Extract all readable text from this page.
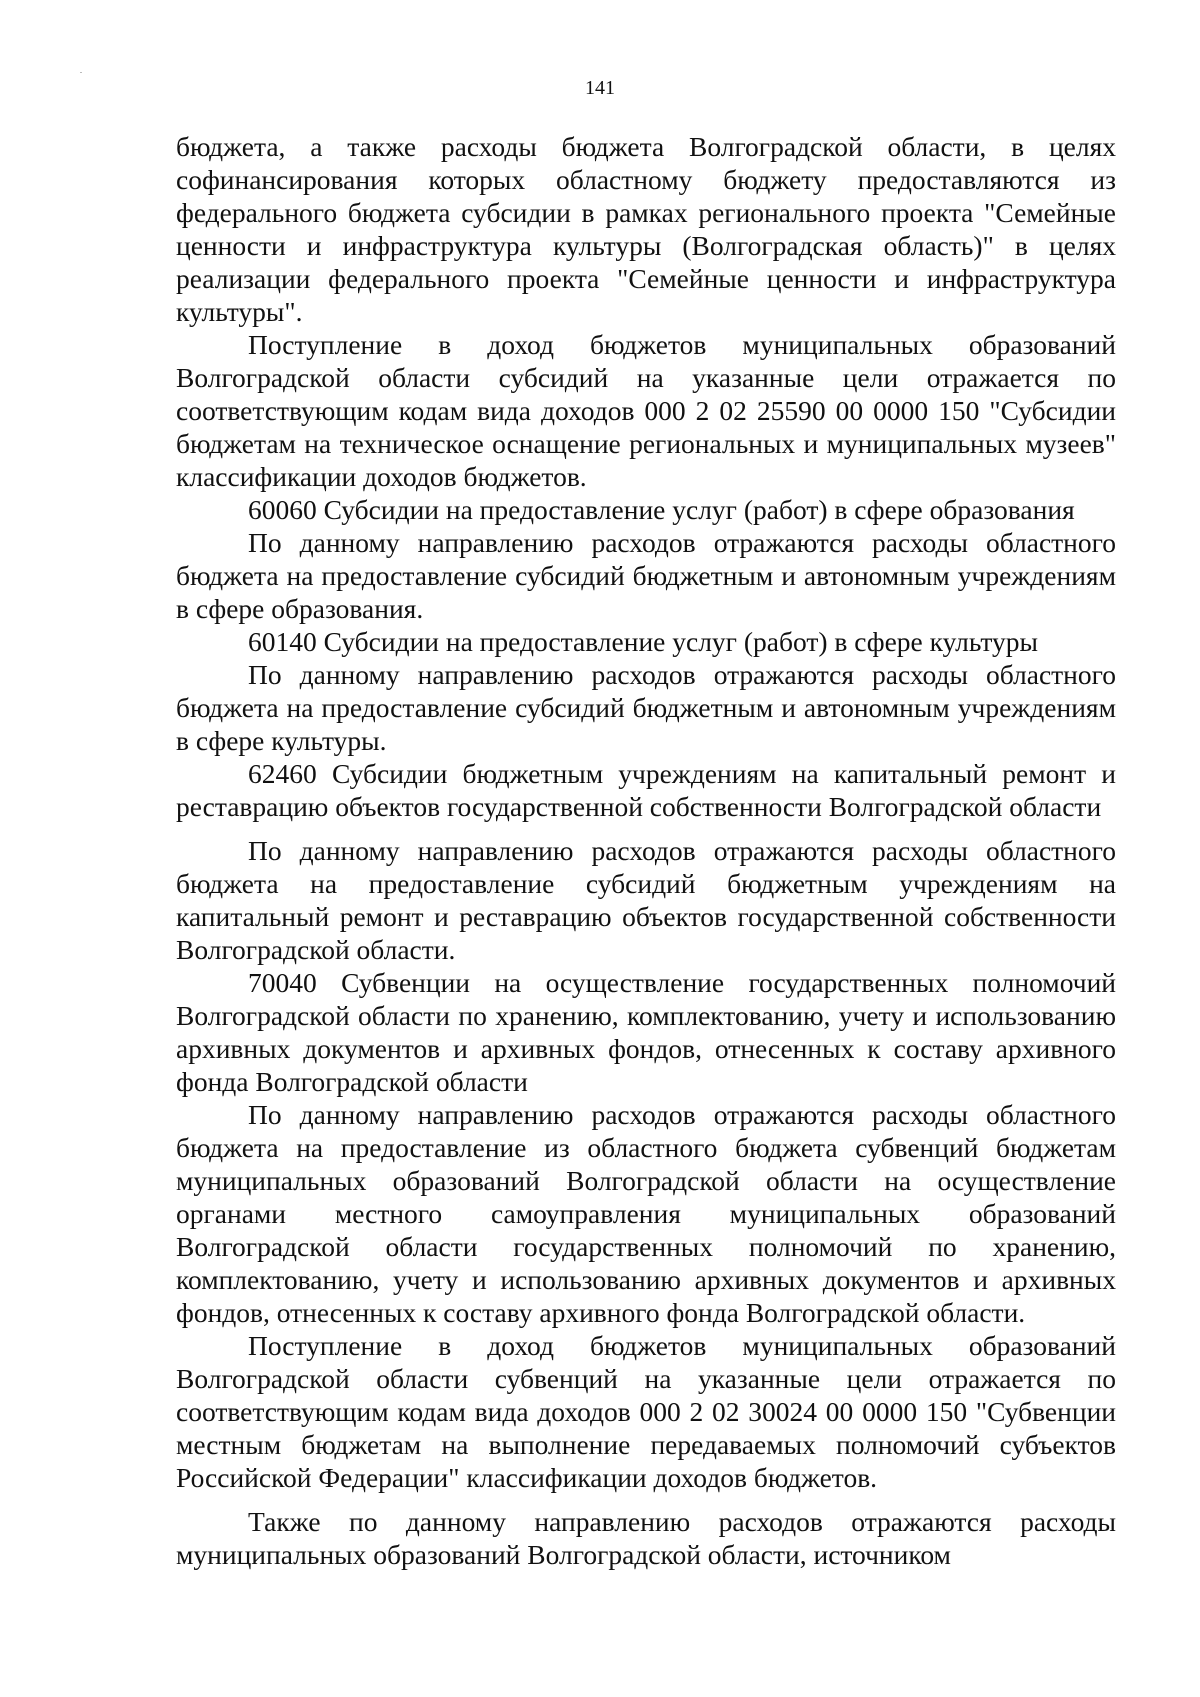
141

бюджета, а также расходы бюджета Волгоградской области, в целях софинансирования которых областному бюджету предоставляются из федерального бюджета субсидии в рамках регионального проекта "Семейные ценности и инфраструктура культуры (Волгоградская область)" в целях реализации федерального проекта "Семейные ценности и инфраструктура культуры".

Поступление в доход бюджетов муниципальных образований Волгоградской области субсидий на указанные цели отражается по соответствующим кодам вида доходов 000 2 02 25590 00 0000 150 "Субсидии бюджетам на техническое оснащение региональных и муниципальных музеев" классификации доходов бюджетов.

60060 Субсидии на предоставление услуг (работ) в сфере образования

По данному направлению расходов отражаются расходы областного бюджета на предоставление субсидий бюджетным и автономным учреждениям в сфере образования.

60140 Субсидии на предоставление услуг (работ) в сфере культуры

По данному направлению расходов отражаются расходы областного бюджета на предоставление субсидий бюджетным и автономным учреждениям в сфере культуры.

62460 Субсидии бюджетным учреждениям на капитальный ремонт и реставрацию объектов государственной собственности Волгоградской области

По данному направлению расходов отражаются расходы областного бюджета на предоставление субсидий бюджетным учреждениям на капитальный ремонт и реставрацию объектов государственной собственности Волгоградской области.

70040 Субвенции на осуществление государственных полномочий Волгоградской области по хранению, комплектованию, учету и использованию архивных документов и архивных фондов, отнесенных к составу архивного фонда Волгоградской области

По данному направлению расходов отражаются расходы областного бюджета на предоставление из областного бюджета субвенций бюджетам муниципальных образований Волгоградской области на осуществление органами местного самоуправления муниципальных образований Волгоградской области государственных полномочий по хранению, комплектованию, учету и использованию архивных документов и архивных фондов, отнесенных к составу архивного фонда Волгоградской области.

Поступление в доход бюджетов муниципальных образований Волгоградской области субвенций на указанные цели отражается по соответствующим кодам вида доходов 000 2 02 30024 00 0000 150 "Субвенции местным бюджетам на выполнение передаваемых полномочий субъектов Российской Федерации" классификации доходов бюджетов.

Также по данному направлению расходов отражаются расходы муниципальных образований Волгоградской области, источником
